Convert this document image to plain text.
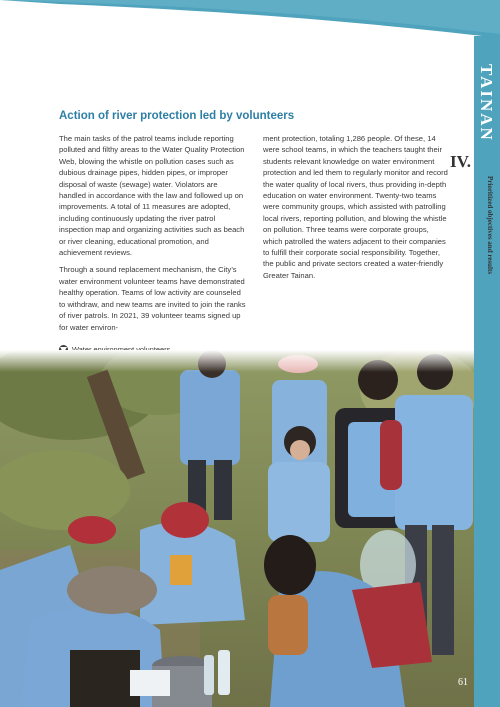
TAINAN
IV.
Prioritized objectives and results
Action of river protection led by volunteers

The main tasks of the patrol teams include reporting polluted and filthy areas to the Water Quality Protection Web, blowing the whistle on pollution cases such as dubious drainage pipes, hidden pipes, or improper disposal of waste (sewage) water. Violators are handled in accordance with the law and followed up on improvements. A total of 11 measures are adopted, including continuously updating the river patrol inspection map and organizing activities such as beach or river cleaning, educational promotion, and achievement reviews.

Through a sound replacement mechanism, the City’s water environment volunteer teams have demonstrated healthy operation. Teams of low activity are counseled to withdraw, and new teams are invited to join the ranks of river patrols. In 2021, 39 volunteer teams signed up for water environ-

ment protection, totaling 1,286 people. Of these, 14 were school teams, in which the teachers taught their students relevant knowledge on water environment protection and led them to regularly monitor and record the water quality of local rivers, thus providing in-depth education on water environment. Twenty-two teams were community groups, which assisted with patrolling local rivers, reporting pollution, and blowing the whistle on pollution. Three teams were corporate groups, which patrolled the waters adjacent to their companies to fulfill their corporate social responsibility. Together, the public and private sectors created a water-friendly Greater Tainan.

61
